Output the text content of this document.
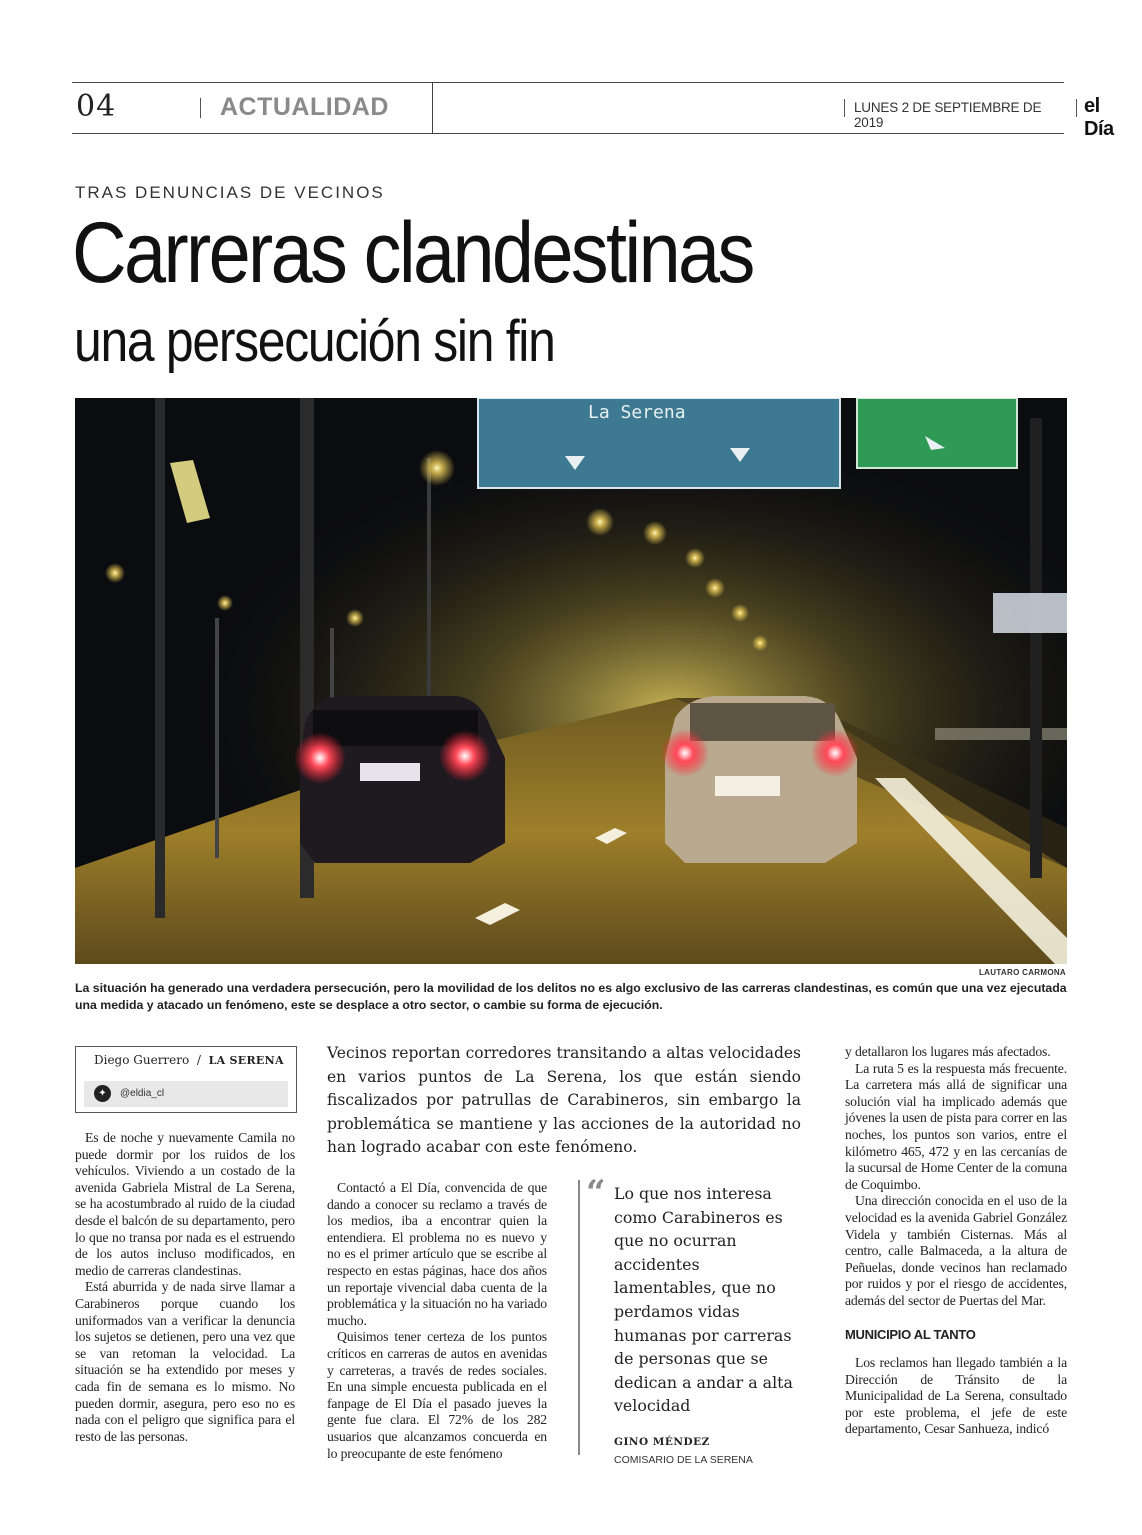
04	ACTUALIDAD	LUNES 2 DE SEPTIEMBRE DE 2019
el Día
TRAS DENUNCIAS DE VECINOS
Carreras clandestinas
una persecución sin fin
La Serena
LAUTARO CARMONA
La situación ha generado una verdadera persecución, pero la movilidad de los delitos no es algo exclusivo de las carreras clandestinas, es común que una vez ejecutada una medida y atacado un fenómeno, este se desplace a otro sector, o cambie su forma de ejecución.
Diego Guerrero / LA SERENA
✦	@eldia_cl
Vecinos reportan corredores transitando a altas velocidades en varios puntos de La Serena, los que están siendo fiscalizados por patrullas de Carabineros, sin embargo la problemática se mantiene y las acciones de la autoridad no han logrado acabar con este fenómeno.

Es de noche y nuevamente Camila no puede dormir por los ruidos de los vehículos. Viviendo a un costado de la avenida Gabriela Mistral de La Serena, se ha acostumbrado al ruido de la ciudad desde el balcón de su departamento, pero lo que no transa por nada es el estruendo de los autos incluso modificados, en medio de carreras clandestinas.

Está aburrida y de nada sirve llamar a Carabineros porque cuando los uniformados van a verificar la denuncia los sujetos se detienen, pero una vez que se van retoman la velocidad. La situación se ha extendido por meses y cada fin de semana es lo mismo. No pueden dormir, asegura, pero eso no es nada con el peligro que significa para el resto de las personas.

Contactó a El Día, convencida de que dando a conocer su reclamo a través de los medios, iba a encontrar quien la entendiera. El problema no es nuevo y no es el primer artículo que se escribe al respecto en estas páginas, hace dos años un reportaje vivencial daba cuenta de la problemática y la situación no ha variado mucho.

Quisimos tener certeza de los puntos críticos en carreras de autos en avenidas y carreteras, a través de redes sociales. En una simple encuesta publicada en el fanpage de El Día el pasado jueves la gente fue clara. El 72% de los 282 usuarios que alcanzamos concuerda en lo preocupante de este fenómeno

“ Lo que nos interesa como Carabineros es que no ocurran accidentes lamentables, que no perdamos vidas humanas por carreras de personas que se dedican a andar a alta velocidad
GINO MÉNDEZ
COMISARIO DE LA SERENA

y detallaron los lugares más afectados.

La ruta 5 es la respuesta más frecuente. La carretera más allá de significar una solución vial ha implicado además que jóvenes la usen de pista para correr en las noches, los puntos son varios, entre el kilómetro 465, 472 y en las cercanías de la sucursal de Home Center de la comuna de Coquimbo.

Una dirección conocida en el uso de la velocidad es la avenida Gabriel González Videla y también Cisternas. Más al centro, calle Balmaceda, a la altura de Peñuelas, donde vecinos han reclamado por ruidos y por el riesgo de accidentes, además del sector de Puertas del Mar.

MUNICIPIO AL TANTO

Los reclamos han llegado también a la Dirección de Tránsito de la Municipalidad de La Serena, consultado por este problema, el jefe de este departamento, Cesar Sanhueza, indicó
